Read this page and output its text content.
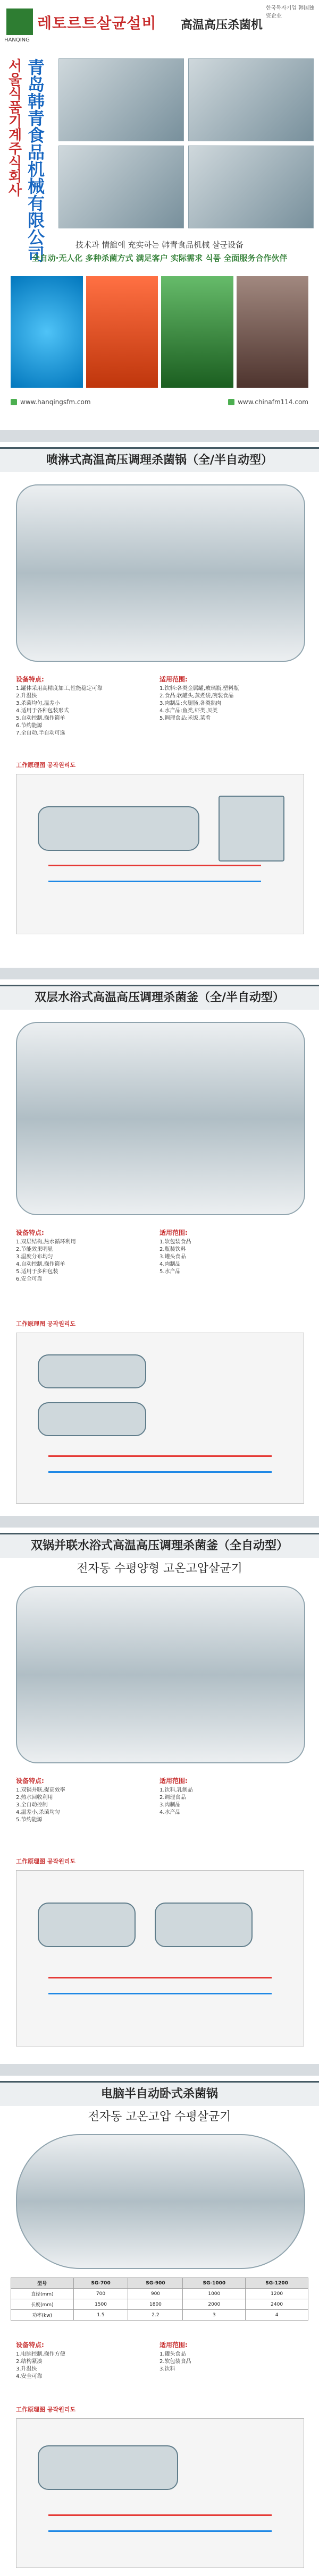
HANQING
한국독자기업 韩国独资企业
레토르트살균설비 高温高压杀菌机
서울식품기계주식회사 青岛韩青食品机械有限公司	技术과 情誼에 充实하는 韩青食品机械 살균设备
全自动·无人化 多种杀菌方式 满足客户 实际需求 식품 全面服务合作伙伴
www.hanqingsfm.com	www.chinafm114.com
喷淋式高温高压调理杀菌锅（全/半自动型）
设备特点:
1.罐体采用高精度加工,性能稳定可靠
2.升温快
3.杀菌均匀,温差小
4.适用于各种包装形式
5.自动控制,操作简单
6.节约能源
7.全自动,半自动可选
适用范围:
1.饮料:各类金属罐,玻璃瓶,塑料瓶
2.食品:软罐头,蒸煮袋,碗装食品
3.肉制品:火腿肠,各类熟肉
4.水产品:鱼类,虾类,贝类
5.调理食品:米饭,菜肴
工作原理图 공작원리도
双层水浴式高温高压调理杀菌釜（全/半自动型）
设备特点:
1.双层结构,热水循环利用
2.节能效果明显
3.温度分布均匀
4.自动控制,操作简单
5.适用于多种包装
6.安全可靠
适用范围:
1.软包装食品
2.瓶装饮料
3.罐头食品
4.肉制品
5.水产品
工作原理图 공작원리도
双锅并联水浴式高温高压调理杀菌釜（全自动型）
전자동 수평양형 고온고압살균기
设备特点:
1.双锅并联,提高效率
2.热水回收利用
3.全自动控制
4.温差小,杀菌均匀
5.节约能源
适用范围:
1.饮料,乳制品
2.调理食品
3.肉制品
4.水产品
工作原理图 공작원리도
电脑半自动卧式杀菌锅
전자동 고온고압 수평살균기
型号	SG-700	SG-900	SG-1000	SG-1200
直径(mm)	700	900	1000	1200
长度(mm)	1500	1800	2000	2400
功率(kw)	1.5	2.2	3	4
设备特点:
1.电脑控制,操作方便
2.结构紧凑
3.升温快
4.安全可靠
适用范围:
1.罐头食品
2.软包装食品
3.饮料
工作原理图 공작원리도
